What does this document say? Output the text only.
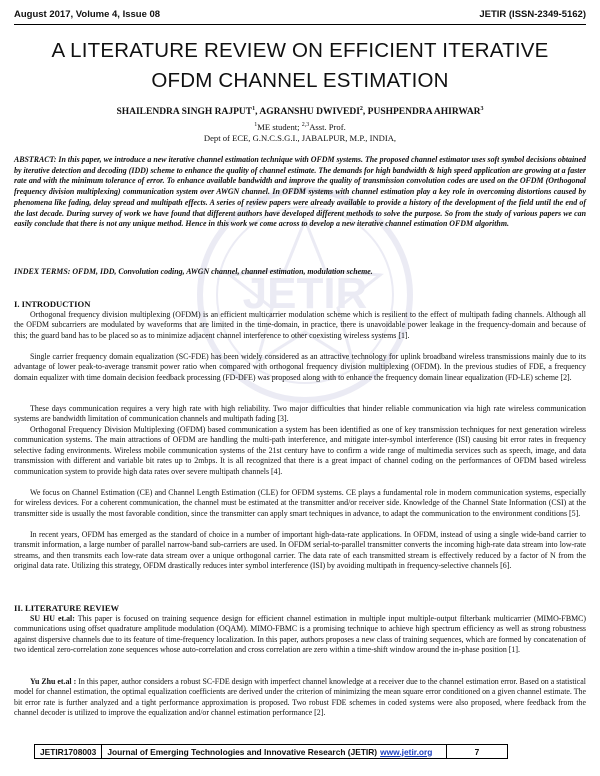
August 2017, Volume 4, Issue 08	JETIR (ISSN-2349-5162)
JETIR
A LITERATURE REVIEW ON EFFICIENT ITERATIVE
OFDM CHANNEL ESTIMATION
SHAILENDRA SINGH RAJPUT$^1$, AGRANSHU DWIVEDI$^2$, PUSHPENDRA AHIRWAR$^3$
$^1$ME student; $^{2,3}$Asst. Prof.
Dept of ECE, G.N.C.S.G.I., JABALPUR, M.P., INDIA,
ABSTRACT: In this paper, we introduce a new iterative channel estimation technique with OFDM systems. The proposed channel estimator uses soft symbol decisions obtained by iterative detection and decoding (IDD) scheme to enhance the quality of channel estimate. The demands for high bandwidth & high speed application are growing at a faster rate and with the minimum tolerance of error. To enhance available bandwidth and improve the quality of transmission convolution codes are used on the OFDM (Orthogonal frequency division multiplexing) communication system over AWGN channel. In OFDM systems with channel estimation play a key role in overcoming distortions caused by phenomena like fading, delay spread and multipath effects. A series of review papers were already available to provide a history of the development of the field until the end of the last decade. During survey of work we have found that different authors have developed different methods to solve the purpose. So from the study of various papers we can easily conclude that there is not any unique method. Hence in this work we come across to develop a new iterative channel estimation OFDM algorithm.
INDEX TERMS: OFDM, IDD, Convolution coding, AWGN channel, channel estimation, modulation scheme.
I. INTRODUCTION
Orthogonal frequency division multiplexing (OFDM) is an efficient multicarrier modulation scheme which is resilient to the effect of multipath fading channels. Although all the OFDM subcarriers are modulated by waveforms that are limited in the time-domain, in practice, there is unavoidable power leakage in the frequency-domain and because of this; the guard band has to be placed so as to minimize adjacent channel interference to other coexisting wireless systems [1].
Single carrier frequency domain equalization (SC-FDE) has been widely considered as an attractive technology for uplink broadband wireless transmissions mainly due to its advantage of lower peak-to-average transmit power ratio when compared with orthogonal frequency division multiplexing (OFDM). In the previous studies of FDE, a frequency domain equalizer with time domain decision feedback processing (FD-DFE) was proposed along with to enhance the frequency domain linear equalization (FD-LE) scheme [2].
These days communication requires a very high rate with high reliability. Two major difficulties that hinder reliable communication via high rate wireless communication systems are bandwidth limitation of communication channels and multipath fading [3].
Orthogonal Frequency Division Multiplexing (OFDM) based communication a system has been identified as one of key transmission techniques for next generation wireless communication systems. The main attractions of OFDM are handling the multi-path interference, and mitigate inter-symbol interference (ISI) causing bit error rates in frequency selective fading environments. Wireless mobile communication systems of the 21st century have to confirm a wide range of multimedia services such as speech, image, and data transmission with different and variable bit rates up to 2mbps. It is all recognized that there is a great impact of channel coding on the performances of OFDM based wireless communication system to provide high data rates over severe multipath channels [4].
We focus on Channel Estimation (CE) and Channel Length Estimation (CLE) for OFDM systems. CE plays a fundamental role in modern communication systems, especially for wireless devices. For a coherent communication, the channel must be estimated at the transmitter and/or receiver side. Knowledge of the Channel State Information (CSI) at the transmitter side is usually the most favorable condition, since the transmitter can apply smart techniques in advance, to adapt the communication to the environment conditions [5].
In recent years, OFDM has emerged as the standard of choice in a number of important high-data-rate applications. In OFDM, instead of using a single wide-band carrier to transmit information, a large number of parallel narrow-band sub-carriers are used. In OFDM serial-to-parallel transmitter converts the incoming high-rate data stream into low-rate streams, and then transmits each low-rate data stream over a unique orthogonal carrier. The data rate of each transmitted stream is effectively reduced by a factor of N from the original data rate. Utilizing this strategy, OFDM drastically reduces inter symbol interference (ISI) by avoiding multipath in frequency-selective channels [6].
II. LITERATURE REVIEW
SU HU et.al: This paper is focused on training sequence design for efficient channel estimation in multiple input multiple-output filterbank multicarrier (MIMO-FBMC) communications using offset quadrature amplitude modulation (OQAM). MIMO-FBMC is a promising technique to achieve high spectrum efficiency as well as strong robustness against dispersive channels due to its feature of time-frequency localization. In this paper, authors proposes a new class of training sequences, which are formed by concatenation of two identical zero-correlation zone sequences whose auto-correlation and cross correlation are zero within a time-shift window around the in-phase position [1].
Yu Zhu et.al : In this paper, author considers a robust SC-FDE design with imperfect channel knowledge at a receiver due to the channel estimation error. Based on a statistical model for channel estimation, the optimal equalization coefficients are derived under the criterion of minimizing the mean square error conditioned on a given channel estimate. The bit error rate is further analyzed and a tight performance approximation is proposed. Two robust FDE schemes in coded systems were also proposed, where feedback from the channel decoder is utilized to improve the equalization and/or channel estimation performance [2].
JETIR1708003	Journal of Emerging Technologies and Innovative Research (JETIR) www.jetir.org	7
